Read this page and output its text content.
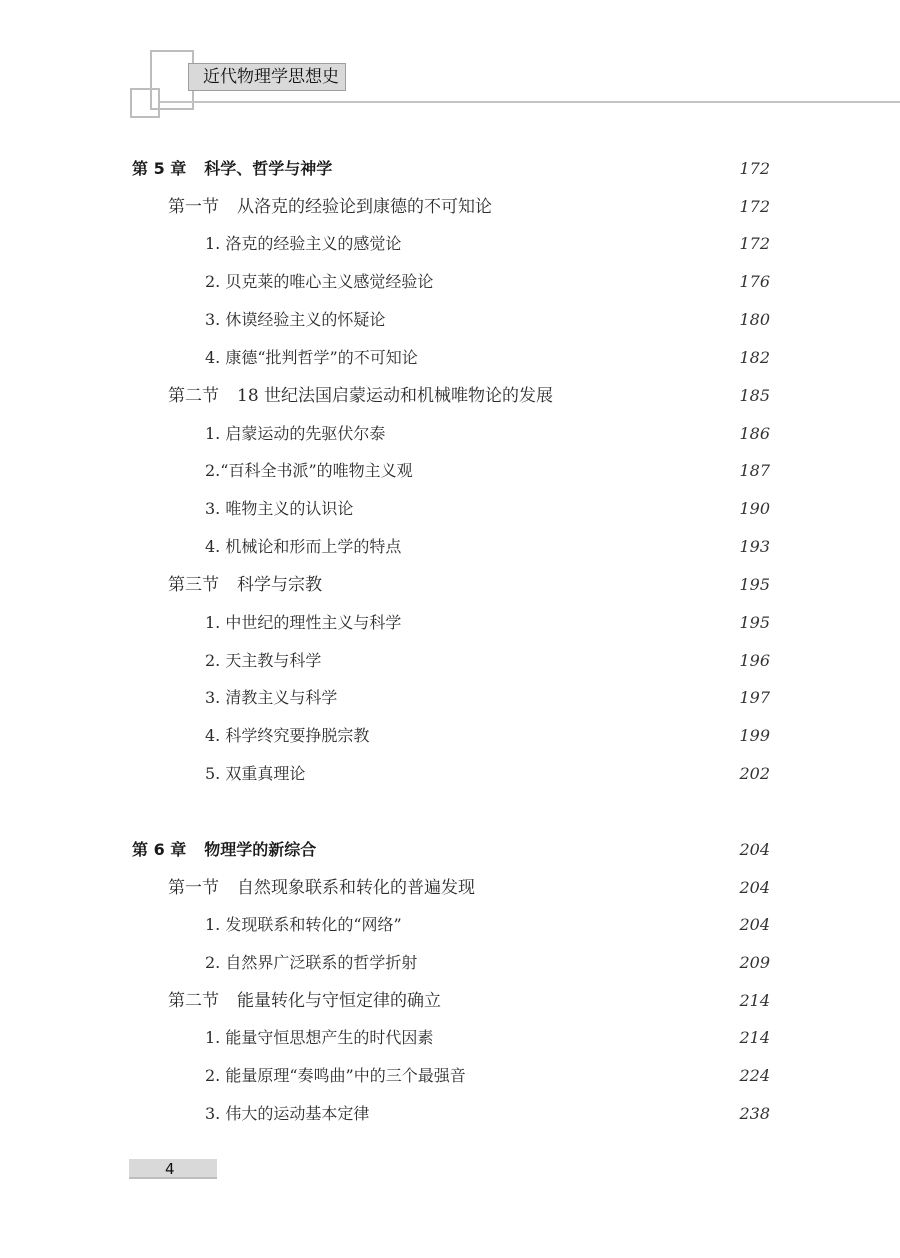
近代物理学思想史
第 5 章 科学、哲学与神学	172
第一节 从洛克的经验论到康德的不可知论	172
1. 洛克的经验主义的感觉论	172
2. 贝克莱的唯心主义感觉经验论	176
3. 休谟经验主义的怀疑论	180
4. 康德“批判哲学”的不可知论	182
第二节 18 世纪法国启蒙运动和机械唯物论的发展	185
1. 启蒙运动的先驱伏尔泰	186
2.“百科全书派”的唯物主义观	187
3. 唯物主义的认识论	190
4. 机械论和形而上学的特点	193
第三节 科学与宗教	195
1. 中世纪的理性主义与科学	195
2. 天主教与科学	196
3. 清教主义与科学	197
4. 科学终究要挣脱宗教	199
5. 双重真理论	202
第 6 章 物理学的新综合	204
第一节 自然现象联系和转化的普遍发现	204
1. 发现联系和转化的“网络”	204
2. 自然界广泛联系的哲学折射	209
第二节 能量转化与守恒定律的确立	214
1. 能量守恒思想产生的时代因素	214
2. 能量原理“奏鸣曲”中的三个最强音	224
3. 伟大的运动基本定律	238
4
